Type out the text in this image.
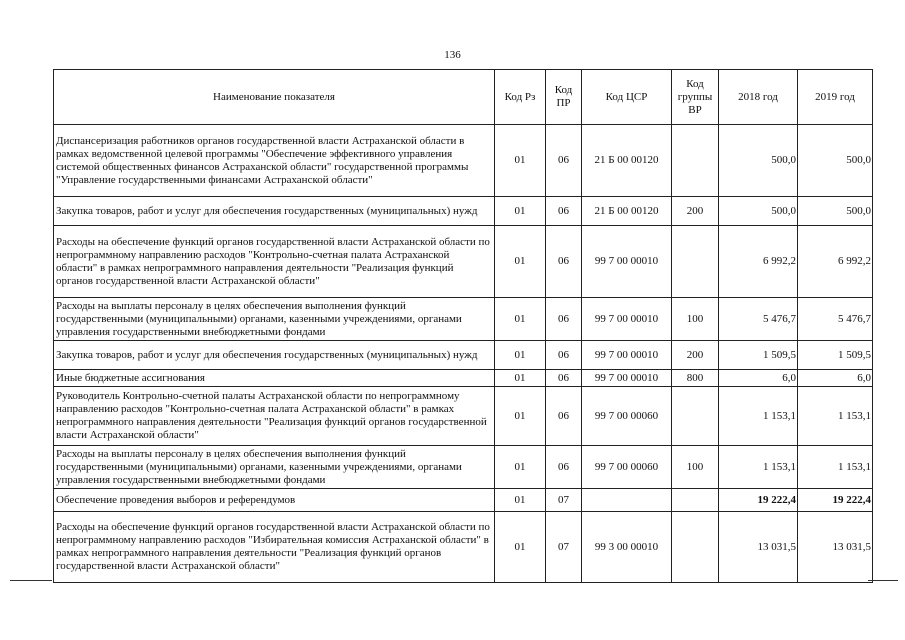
136
Наименование показателя	Код Рз	Код ПР	Код ЦСР	Код группы ВР	2018 год	2019 год
Диспансеризация работников органов государственной власти Астраханской области в рамках ведомственной целевой программы "Обеспечение эффективного управления системой общественных финансов Астраханской области" государственной программы "Управление государственными финансами Астраханской области"	01	06	21 Б 00 00120		500,0	500,0
Закупка товаров, работ и услуг для обеспечения государственных (муниципальных) нужд	01	06	21 Б 00 00120	200	500,0	500,0
Расходы на обеспечение функций органов государственной власти Астраханской области по непрограммному направлению расходов "Контрольно-счетная палата Астраханской области" в рамках непрограммного направления деятельности "Реализация функций органов государственной власти Астраханской области"	01	06	99 7 00 00010		6 992,2	6 992,2
Расходы на выплаты персоналу в целях обеспечения выполнения функций государственными (муниципальными) органами, казенными учреждениями, органами управления государственными внебюджетными фондами	01	06	99 7 00 00010	100	5 476,7	5 476,7
Закупка товаров, работ и услуг для обеспечения государственных (муниципальных) нужд	01	06	99 7 00 00010	200	1 509,5	1 509,5
Иные бюджетные ассигнования	01	06	99 7 00 00010	800	6,0	6,0
Руководитель Контрольно-счетной палаты Астраханской области по непрограммному направлению расходов "Контрольно-счетная палата Астраханской области" в рамках непрограммного направления деятельности "Реализация функций органов государственной власти Астраханской области"	01	06	99 7 00 00060		1 153,1	1 153,1
Расходы на выплаты персоналу в целях обеспечения выполнения функций государственными (муниципальными) органами, казенными учреждениями, органами управления государственными внебюджетными фондами	01	06	99 7 00 00060	100	1 153,1	1 153,1
Обеспечение проведения выборов и референдумов	01	07			19 222,4	19 222,4
Расходы на обеспечение функций органов государственной власти Астраханской области по непрограммному направлению расходов "Избирательная комиссия Астраханской области" в рамках непрограммного направления деятельности "Реализация функций органов государственной власти Астраханской области"	01	07	99 3 00 00010		13 031,5	13 031,5
